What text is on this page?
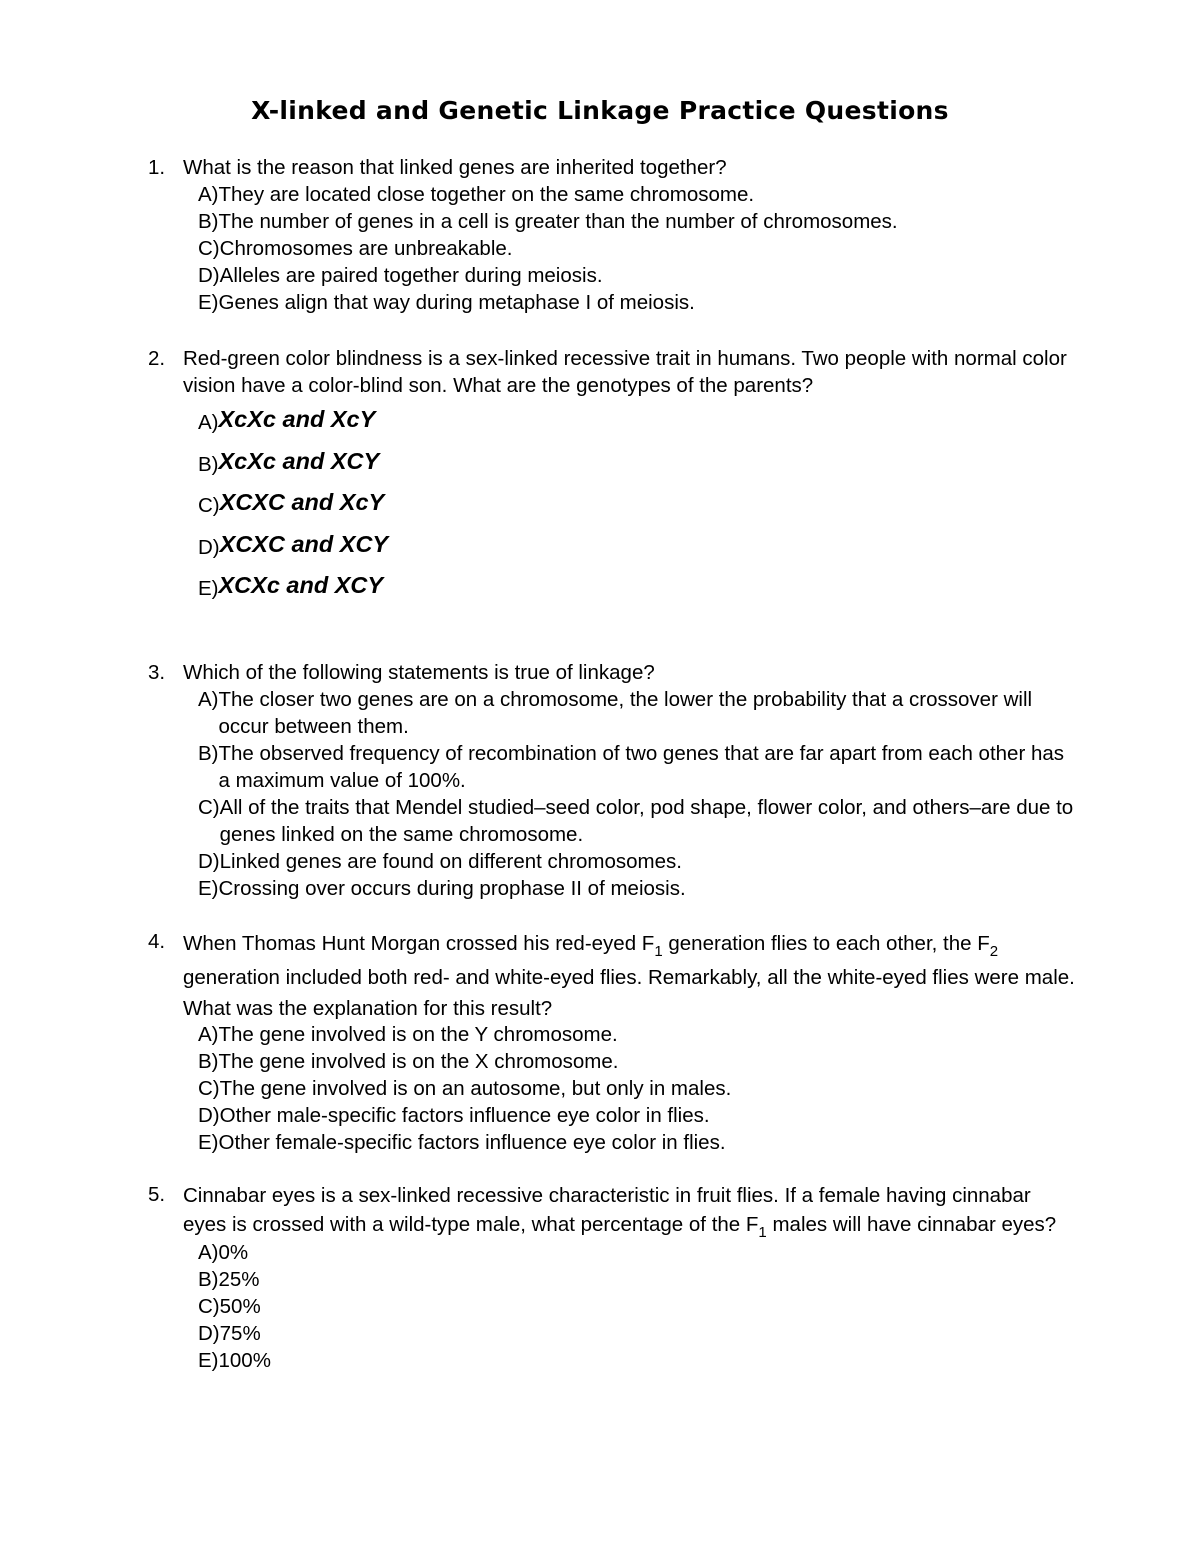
X-linked and Genetic Linkage Practice Questions
1. What is the reason that linked genes are inherited together?
A) They are located close together on the same chromosome.
B) The number of genes in a cell is greater than the number of chromosomes.
C) Chromosomes are unbreakable.
D) Alleles are paired together during meiosis.
E) Genes align that way during metaphase I of meiosis.
2. Red-green color blindness is a sex-linked recessive trait in humans. Two people with normal color vision have a color-blind son. What are the genotypes of the parents?
A) XcXc and XcY
B) XcXc and XCY
C) XCXC and XcY
D) XCXC and XCY
E) XCXc and XCY
3. Which of the following statements is true of linkage?
A) The closer two genes are on a chromosome, the lower the probability that a crossover will occur between them.
B) The observed frequency of recombination of two genes that are far apart from each other has a maximum value of 100%.
C) All of the traits that Mendel studied–seed color, pod shape, flower color, and others–are due to genes linked on the same chromosome.
D) Linked genes are found on different chromosomes.
E) Crossing over occurs during prophase II of meiosis.
4. When Thomas Hunt Morgan crossed his red-eyed $F_1$ generation flies to each other, the $F_2$ generation included both red- and white-eyed flies. Remarkably, all the white-eyed flies were male. What was the explanation for this result?
A) The gene involved is on the Y chromosome.
B) The gene involved is on the X chromosome.
C) The gene involved is on an autosome, but only in males.
D) Other male-specific factors influence eye color in flies.
E) Other female-specific factors influence eye color in flies.
5. Cinnabar eyes is a sex-linked recessive characteristic in fruit flies. If a female having cinnabar eyes is crossed with a wild-type male, what percentage of the $F_1$ males will have cinnabar eyes?
A) 0%
B) 25%
C) 50%
D) 75%
E) 100%
